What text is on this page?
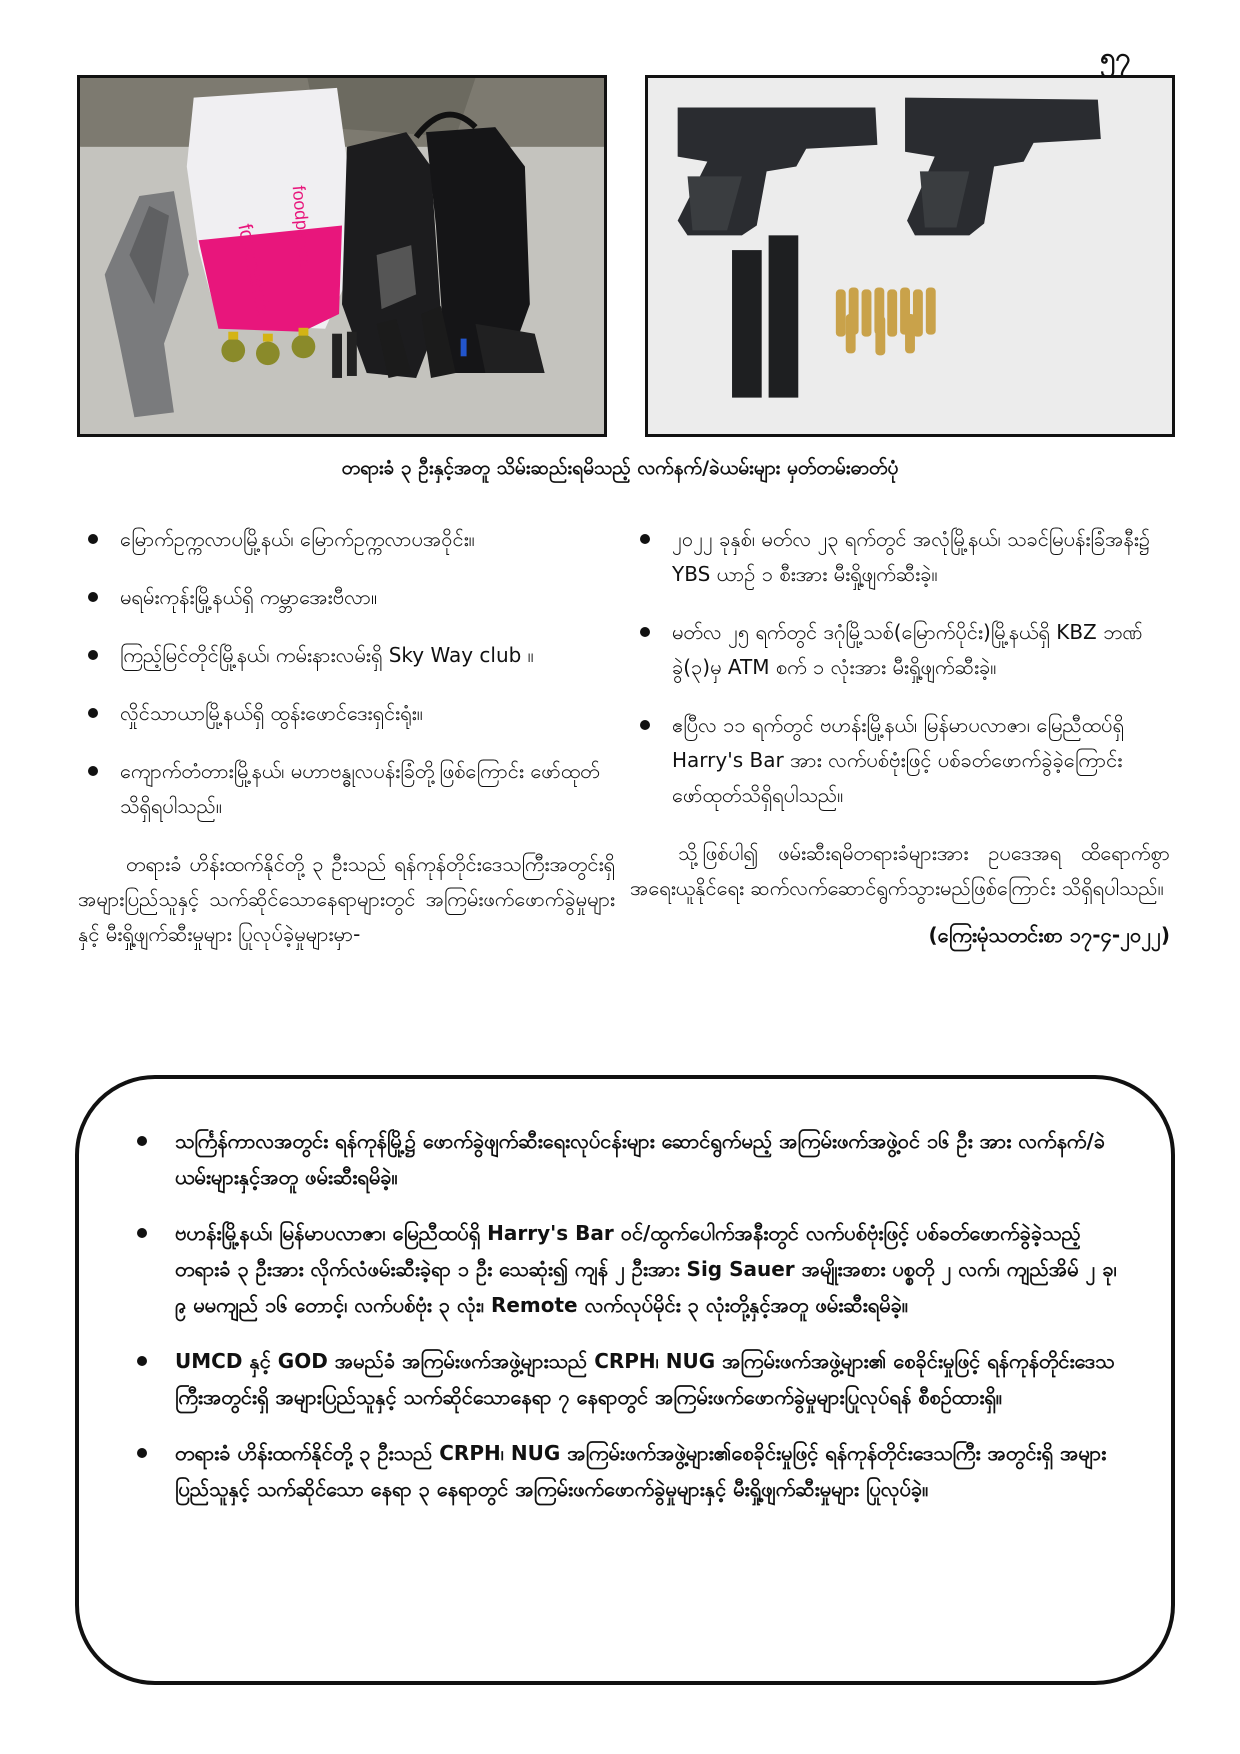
၅၇
foodpanda foodpanda
တရားခံ ၃ ဦးနှင့်အတူ သိမ်းဆည်းရမိသည့် လက်နက်/ခဲယမ်းများ မှတ်တမ်းဓာတ်ပုံ
မြောက်ဥက္ကလာပမြို့နယ်၊ မြောက်ဥက္ကလာပအဝိုင်း။
မရမ်းကုန်းမြို့နယ်ရှိ ကမ္ဘာအေးဗီလာ။
ကြည့်မြင်တိုင်မြို့နယ်၊ ကမ်းနားလမ်းရှိ Sky Way club ။
လှိုင်သာယာမြို့နယ်ရှိ ထွန်းဖောင်ဒေးရှင်းရုံး။
ကျောက်တံတားမြို့နယ်၊ မဟာဗန္ဓုလပန်းခြံတို့ဖြစ်ကြောင်း ဖော်ထုတ်သိရှိရပါသည်။

တရားခံ ဟိန်းထက်နိုင်တို့ ၃ ဦးသည် ရန်ကုန်တိုင်းဒေသကြီးအတွင်းရှိ အများပြည်သူနှင့် သက်ဆိုင်သောနေရာများတွင် အကြမ်းဖက်ဖောက်ခွဲမှုများနှင့် မီးရှို့ဖျက်ဆီးမှုများ ပြုလုပ်ခဲ့မှုများမှာ-

၂၀၂၂ ခုနှစ်၊ မတ်လ ၂၃ ရက်တွင် အလုံမြို့နယ်၊ သခင်မြပန်းခြံအနီး၌ YBS ယာဉ် ၁ စီးအား မီးရှို့ဖျက်ဆီးခဲ့။
မတ်လ ၂၅ ရက်တွင် ဒဂုံမြို့သစ်(မြောက်ပိုင်း)မြို့နယ်ရှိ KBZ ဘဏ်ခွဲ(၃)မှ ATM စက် ၁ လုံးအား မီးရှို့ဖျက်ဆီးခဲ့။
ဧပြီလ ၁၁ ရက်တွင် ဗဟန်းမြို့နယ်၊ မြန်မာပလာဇာ၊ မြေညီထပ်ရှိ Harry's Bar အား လက်ပစ်ဗုံးဖြင့် ပစ်ခတ်ဖောက်ခွဲခဲ့ကြောင်း ဖော်ထုတ်သိရှိရပါသည်။

သို့ဖြစ်ပါ၍ ဖမ်းဆီးရမိတရားခံများအား ဥပဒေအရ ထိရောက်စွာ အရေးယူနိုင်ရေး ဆက်လက်ဆောင်ရွက်သွားမည်ဖြစ်ကြောင်း သိရှိရပါသည်။

(ကြေးမုံသတင်းစာ ၁၇-၄-၂၀၂၂)
သင်္ကြန်ကာလအတွင်း ရန်ကုန်မြို့၌ ဖောက်ခွဲဖျက်ဆီးရေးလုပ်ငန်းများ ဆောင်ရွက်မည့် အကြမ်းဖက်အဖွဲ့ဝင် ၁၆ ဦး အား လက်နက်/ခဲယမ်းများနှင့်အတူ ဖမ်းဆီးရမိခဲ့။
ဗဟန်းမြို့နယ်၊ မြန်မာပလာဇာ၊ မြေညီထပ်ရှိ Harry's Bar ဝင်/ထွက်ပေါက်အနီးတွင် လက်ပစ်ဗုံးဖြင့် ပစ်ခတ်ဖောက်ခွဲခဲ့သည့် တရားခံ ၃ ဦးအား လိုက်လံဖမ်းဆီးခဲ့ရာ ၁ ဦး သေဆုံး၍ ကျန် ၂ ဦးအား Sig Sauer အမျိုးအစား ပစ္စတို ၂ လက်၊ ကျည်အိမ် ၂ ခု၊ ၉ မမကျည် ၁၆ တောင့်၊ လက်ပစ်ဗုံး ၃ လုံး၊ Remote လက်လုပ်မိုင်း ၃ လုံးတို့နှင့်အတူ ဖမ်းဆီးရမိခဲ့။
UMCD နှင့် GOD အမည်ခံ အကြမ်းဖက်အဖွဲ့များသည် CRPH၊ NUG အကြမ်းဖက်အဖွဲ့များ၏ စေခိုင်းမှုဖြင့် ရန်ကုန်တိုင်းဒေသကြီးအတွင်းရှိ အများပြည်သူနှင့် သက်ဆိုင်သောနေရာ ၇ နေရာတွင် အကြမ်းဖက်ဖောက်ခွဲမှုများပြုလုပ်ရန် စီစဉ်ထားရှိ။
တရားခံ ဟိန်းထက်နိုင်တို့ ၃ ဦးသည် CRPH၊ NUG အကြမ်းဖက်အဖွဲ့များ၏စေခိုင်းမှုဖြင့် ရန်ကုန်တိုင်းဒေသကြီး အတွင်းရှိ အများပြည်သူနှင့် သက်ဆိုင်သော နေရာ ၃ နေရာတွင် အကြမ်းဖက်ဖောက်ခွဲမှုများနှင့် မီးရှို့ဖျက်ဆီးမှုများ ပြုလုပ်ခဲ့။
